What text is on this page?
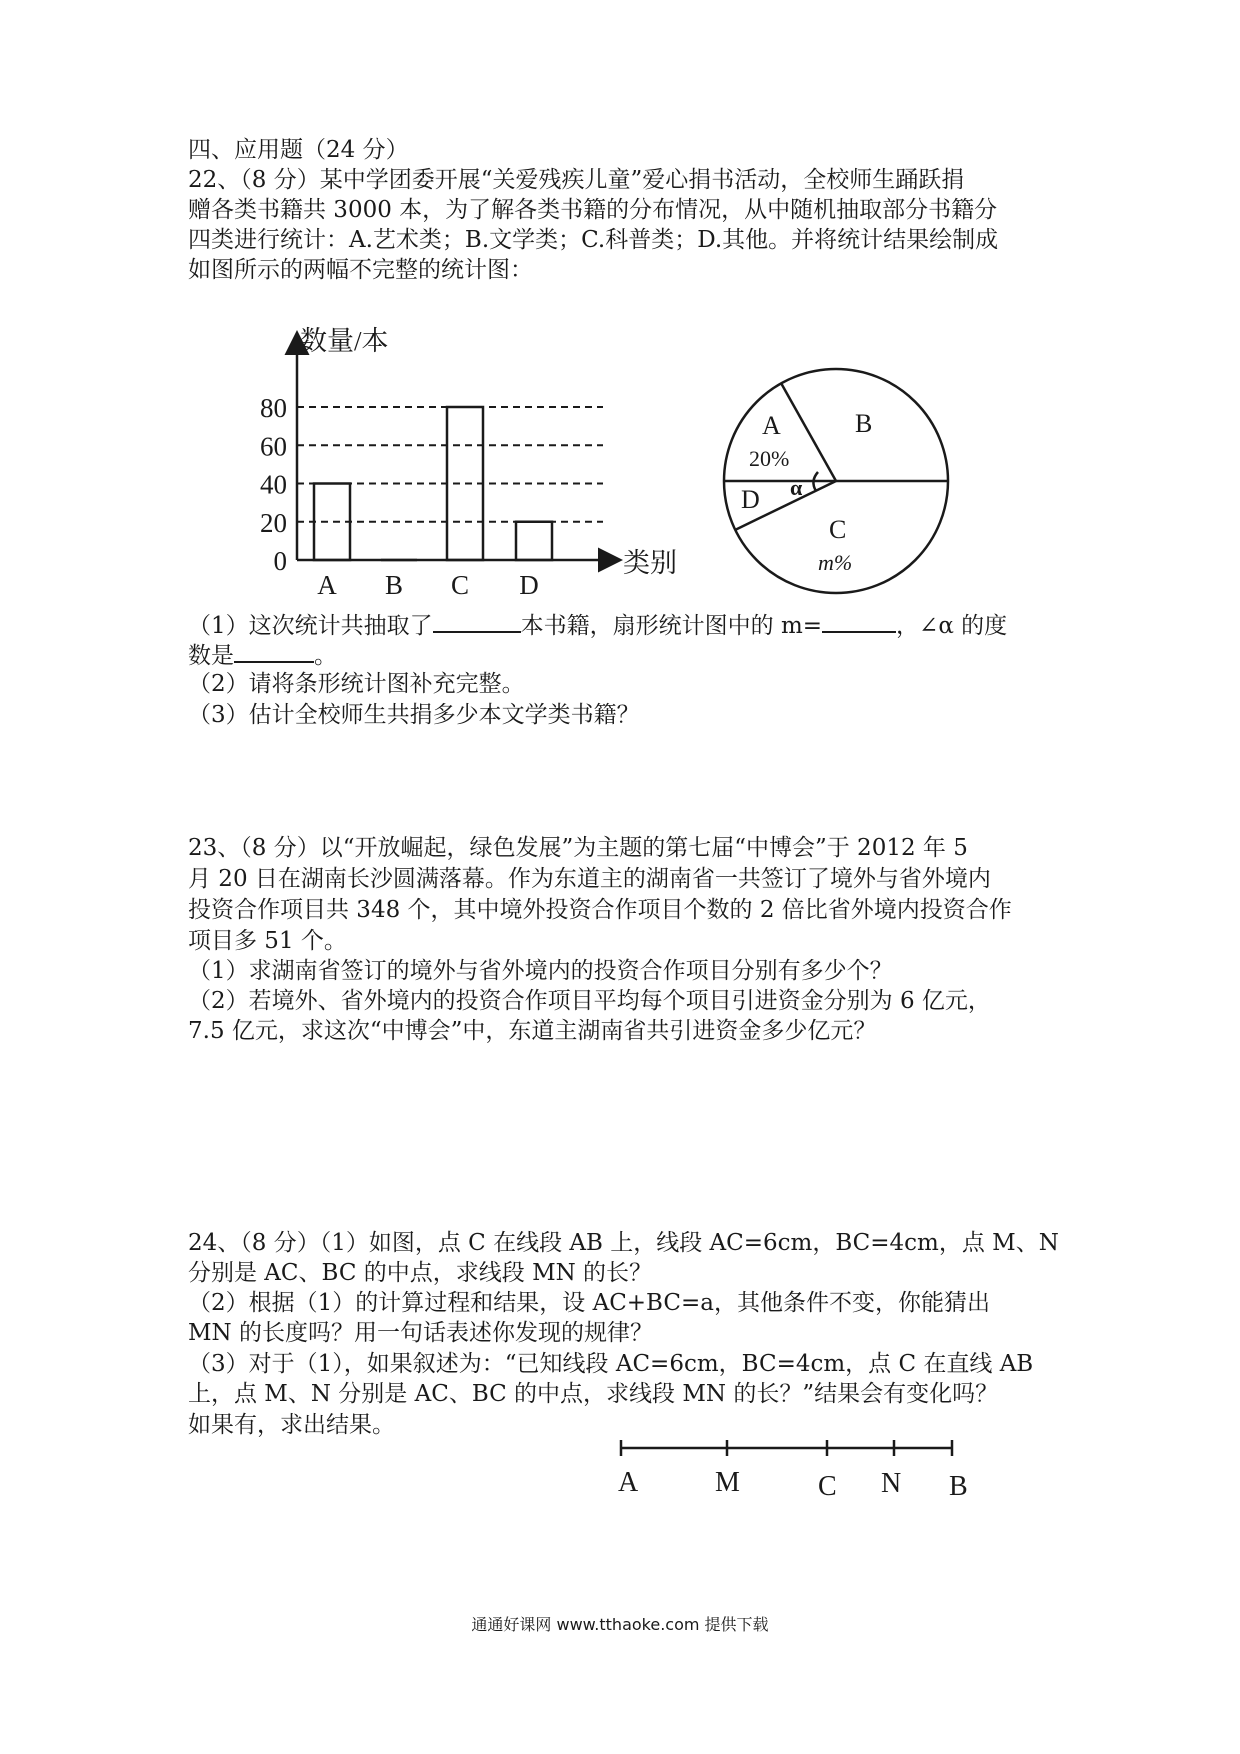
四、应用题（24 分）
22、（8 分）某中学团委开展“关爱残疾儿童”爱心捐书活动，全校师生踊跃捐
赠各类书籍共 3000 本，为了解各类书籍的分布情况，从中随机抽取部分书籍分
四类进行统计：A.艺术类；B.文学类；C.科普类；D.其他。并将统计结果绘制成
如图所示的两幅不完整的统计图：
0
20
40
60
80
A B C D
数量/本
类别
A
20%
B
C
m%
D α
（1）这次统计共抽取了	本书籍，扇形统计图中的 m=	，∠α 的度
数是	。
（2）请将条形统计图补充完整。
（3）估计全校师生共捐多少本文学类书籍？
23、（8 分）以“开放崛起，绿色发展”为主题的第七届“中博会”于 2012 年 5
月 20 日在湖南长沙圆满落幕。作为东道主的湖南省一共签订了境外与省外境内
投资合作项目共 348 个，其中境外投资合作项目个数的 2 倍比省外境内投资合作
项目多 51 个。
（1）求湖南省签订的境外与省外境内的投资合作项目分别有多少个？
（2）若境外、省外境内的投资合作项目平均每个项目引进资金分别为 6 亿元，
7.5 亿元，求这次“中博会”中，东道主湖南省共引进资金多少亿元？
24、（8 分）（1）如图，点 C 在线段 AB 上，线段 AC=6cm，BC=4cm，点 M、N
分别是 AC、BC 的中点，求线段 MN 的长？
（2）根据（1）的计算过程和结果，设 AC+BC=a，其他条件不变，你能猜出
MN 的长度吗？用一句话表述你发现的规律？
（3）对于（1），如果叙述为：“已知线段 AC=6cm，BC=4cm，点 C 在直线 AB
上，点 M、N 分别是 AC、BC 的中点，求线段 MN 的长？”结果会有变化吗？
如果有，求出结果。
A	M	C N B
通通好课网 www.tthaoke.com 提供下载
